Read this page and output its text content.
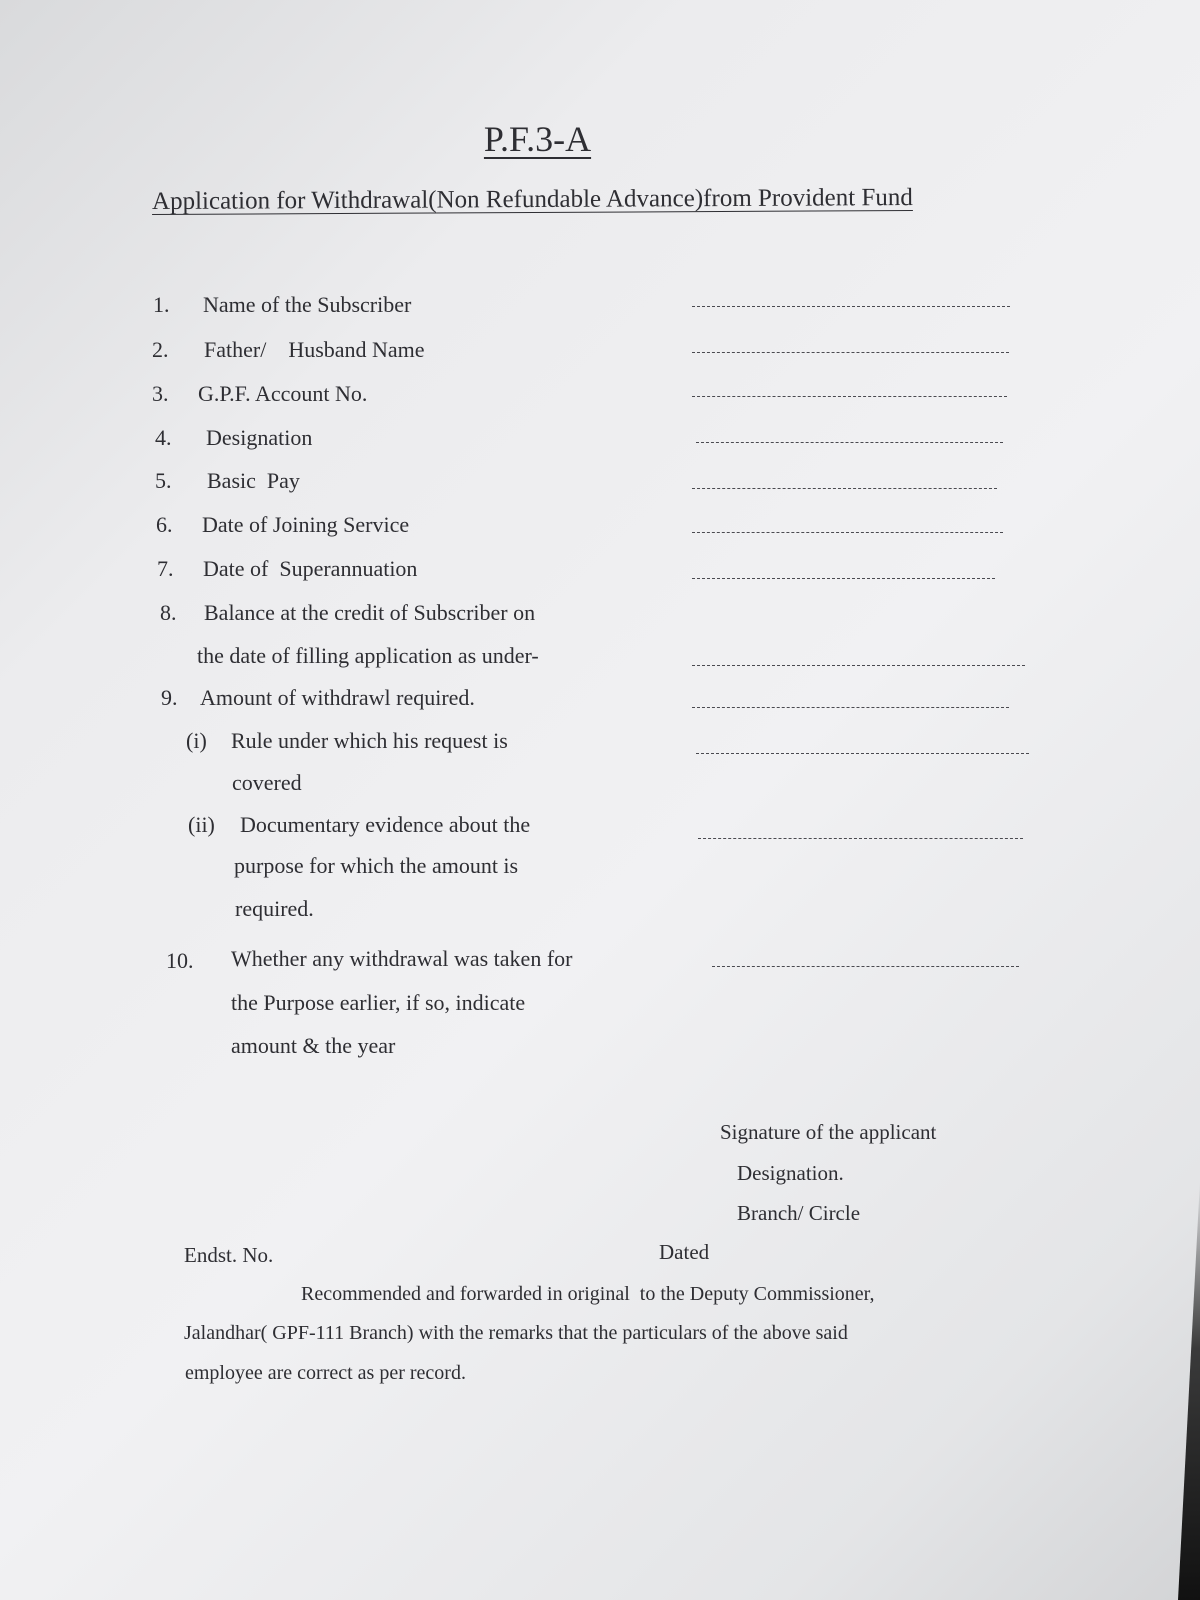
P.F.3-A
Application for Withdrawal(Non Refundable Advance)from Provident Fund
1. Name of the Subscriber
2. Father/    Husband Name
3. G.P.F. Account No.
4. Designation
5. Basic  Pay
6. Date of Joining Service
7. Date of  Superannuation
8. Balance at the credit of Subscriber on
the date of filling application as under-
9. Amount of withdrawl required.
(i) Rule under which his request is
covered
(ii) Documentary evidence about the
purpose for which the amount is
required.
10. Whether any withdrawal was taken for
the Purpose earlier, if so, indicate
amount & the year
Signature of the applicant
Designation.
Branch/ Circle
Endst. No.	Dated
Recommended and forwarded in original  to the Deputy Commissioner,
Jalandhar( GPF-111 Branch) with the remarks that the particulars of the above said
employee are correct as per record.
